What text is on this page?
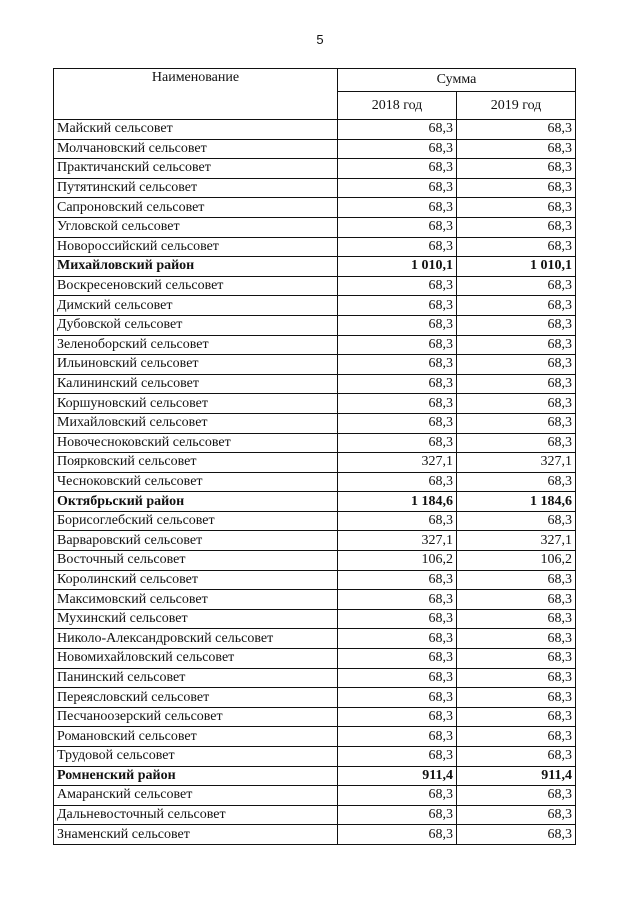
5
Наименование	Сумма	
	2018 год	2019 год
Майский сельсовет	68,3	68,3
Молчановский сельсовет	68,3	68,3
Практичанский сельсовет	68,3	68,3
Путятинский сельсовет	68,3	68,3
Сапроновский сельсовет	68,3	68,3
Угловской сельсовет	68,3	68,3
Новороссийский сельсовет	68,3	68,3
Михайловский район	1 010,1	1 010,1
Воскресеновский сельсовет	68,3	68,3
Димский сельсовет	68,3	68,3
Дубовской сельсовет	68,3	68,3
Зеленоборский сельсовет	68,3	68,3
Ильиновский сельсовет	68,3	68,3
Калининский сельсовет	68,3	68,3
Коршуновский сельсовет	68,3	68,3
Михайловский сельсовет	68,3	68,3
Новочесноковский сельсовет	68,3	68,3
Поярковский сельсовет	327,1	327,1
Чесноковский сельсовет	68,3	68,3
Октябрьский район	1 184,6	1 184,6
Борисоглебский сельсовет	68,3	68,3
Варваровский сельсовет	327,1	327,1
Восточный сельсовет	106,2	106,2
Королинский сельсовет	68,3	68,3
Максимовский сельсовет	68,3	68,3
Мухинский сельсовет	68,3	68,3
Николо-Александровский сельсовет	68,3	68,3
Новомихайловский сельсовет	68,3	68,3
Панинский сельсовет	68,3	68,3
Переясловский сельсовет	68,3	68,3
Песчаноозерский сельсовет	68,3	68,3
Романовский сельсовет	68,3	68,3
Трудовой сельсовет	68,3	68,3
Ромненский район	911,4	911,4
Амаранский сельсовет	68,3	68,3
Дальневосточный сельсовет	68,3	68,3
Знаменский сельсовет	68,3	68,3
